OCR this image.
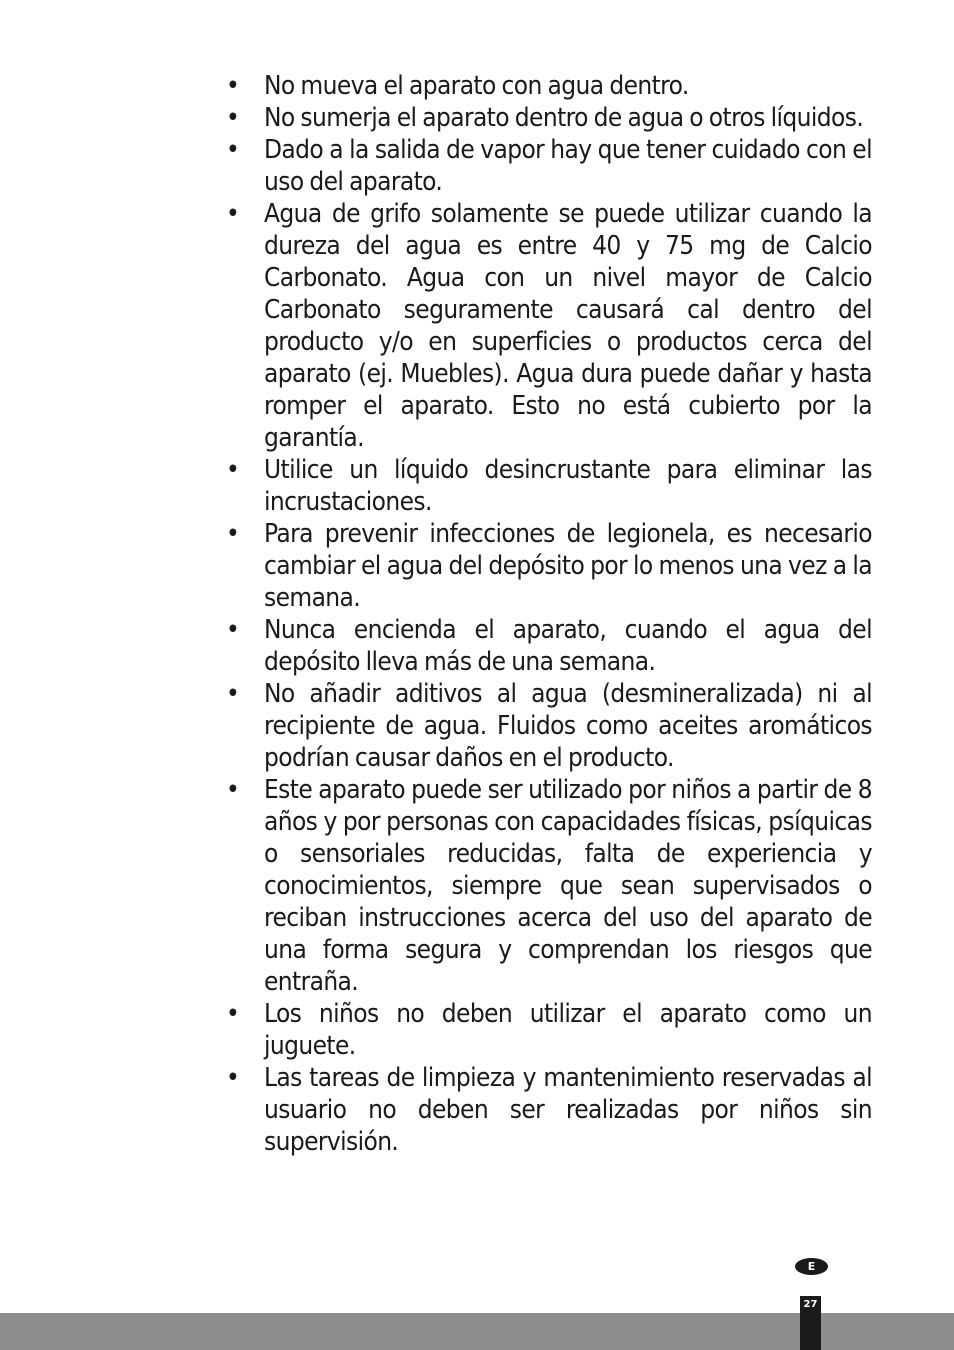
• No mueva el aparato con agua dentro.
• No sumerja el aparato dentro de agua o otros líquidos.
• Dado a la salida de vapor hay que tener cuidado con el uso del aparato.
• Agua de grifo solamente se puede utilizar cuando la dureza del agua es entre 40 y 75 mg de Calcio Carbonato. Agua con un nivel mayor de Calcio Carbonato seguramente causará cal dentro del producto y/o en superficies o productos cerca del aparato (ej. Muebles). Agua dura puede dañar y hasta romper el aparato. Esto no está cubierto por la garantía.
• Utilice un líquido desincrustante para eliminar las incrustaciones.
• Para prevenir infecciones de legionela, es necesario cambiar el agua del depósito por lo menos una vez a la semana.
• Nunca encienda el aparato, cuando el agua del depósito lleva más de una semana.
• No añadir aditivos al agua (desmineralizada) ni al recipiente de agua. Fluidos como aceites aromáticos podrían causar daños en el producto.
• Este aparato puede ser utilizado por niños a partir de 8 años y por personas con capacidades físicas, psíquicas o sensoriales reducidas, falta de experiencia y conocimientos, siempre que sean supervisados o reciban instrucciones acerca del uso del aparato de una forma segura y comprendan los riesgos que entraña.
• Los niños no deben utilizar el aparato como un juguete.
• Las tareas de limpieza y mantenimiento reservadas al usuario no deben ser realizadas por niños sin supervisión.
E
27
